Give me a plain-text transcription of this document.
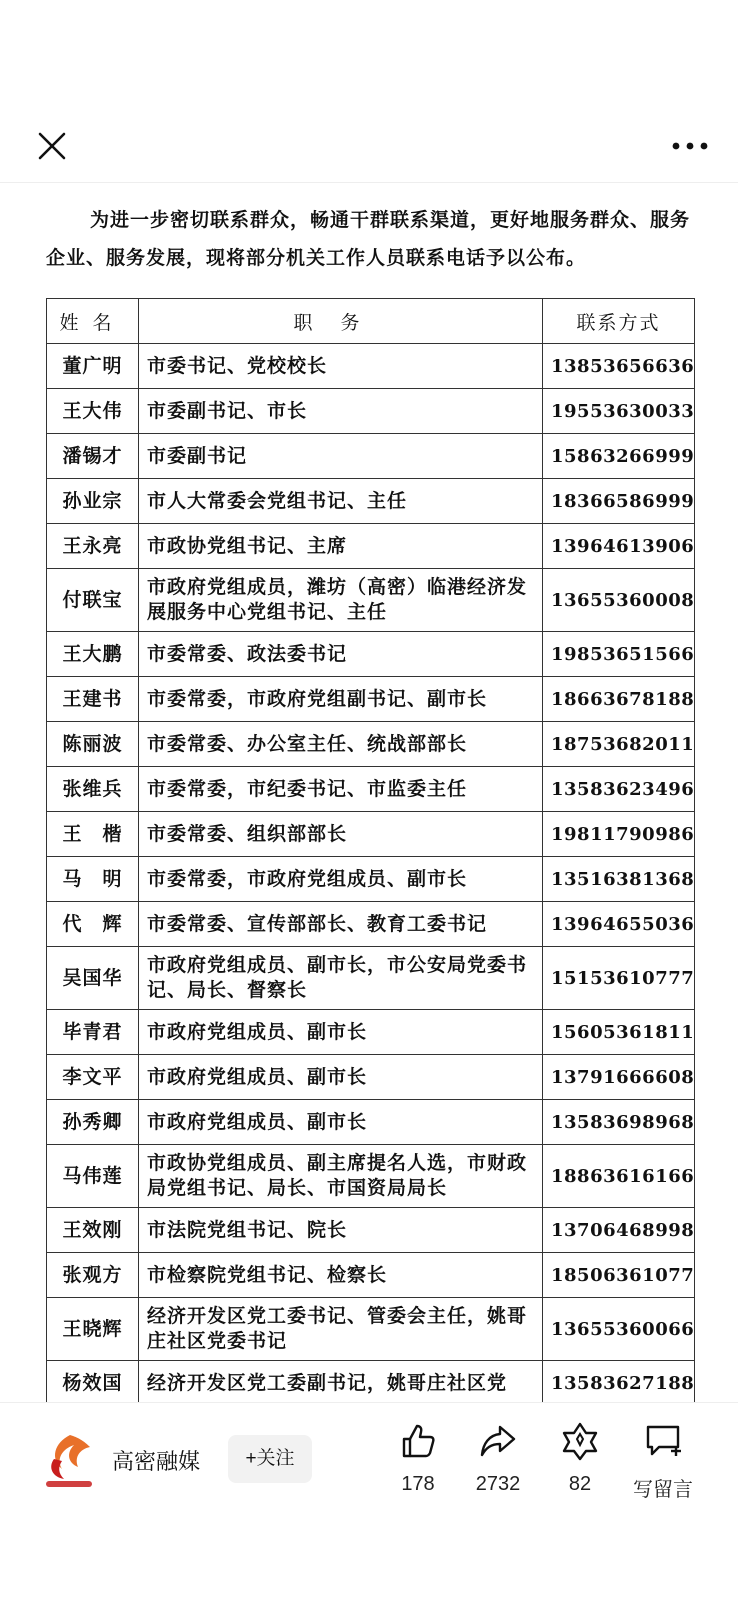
为进一步密切联系群众，畅通干群联系渠道，更好地服务群众、服务企业、服务发展，现将部分机关工作人员联系电话予以公布。

姓名	职务	联系方式
董广明	市委书记、党校校长	13853656636
王大伟	市委副书记、市长	19553630033
潘锡才	市委副书记	15863266999
孙业宗	市人大常委会党组书记、主任	18366586999
王永亮	市政协党组书记、主席	13964613906
付联宝	市政府党组成员，潍坊（高密）临港经济发展服务中心党组书记、主任	13655360008
王大鹏	市委常委、政法委书记	19853651566
王建书	市委常委，市政府党组副书记、副市长	18663678188
陈丽波	市委常委、办公室主任、统战部部长	18753682011
张维兵	市委常委，市纪委书记、市监委主任	13583623496
王　楷	市委常委、组织部部长	19811790986
马　明	市委常委，市政府党组成员、副市长	13516381368
代　辉	市委常委、宣传部部长、教育工委书记	13964655036
吴国华	市政府党组成员、副市长，市公安局党委书记、局长、督察长	15153610777
毕青君	市政府党组成员、副市长	15605361811
李文平	市政府党组成员、副市长	13791666608
孙秀卿	市政府党组成员、副市长	13583698968
马伟莲	市政协党组成员、副主席提名人选，市财政局党组书记、局长、市国资局局长	18863616166
王效刚	市法院党组书记、院长	13706468998
张观方	市检察院党组书记、检察长	18506361077
王晓辉	经济开发区党工委书记、管委会主任，姚哥庄社区党委书记	13655360066
杨效国	经济开发区党工委副书记，姚哥庄社区党	13583627188
高密融媒	+关注
178	2732	82	写留言
